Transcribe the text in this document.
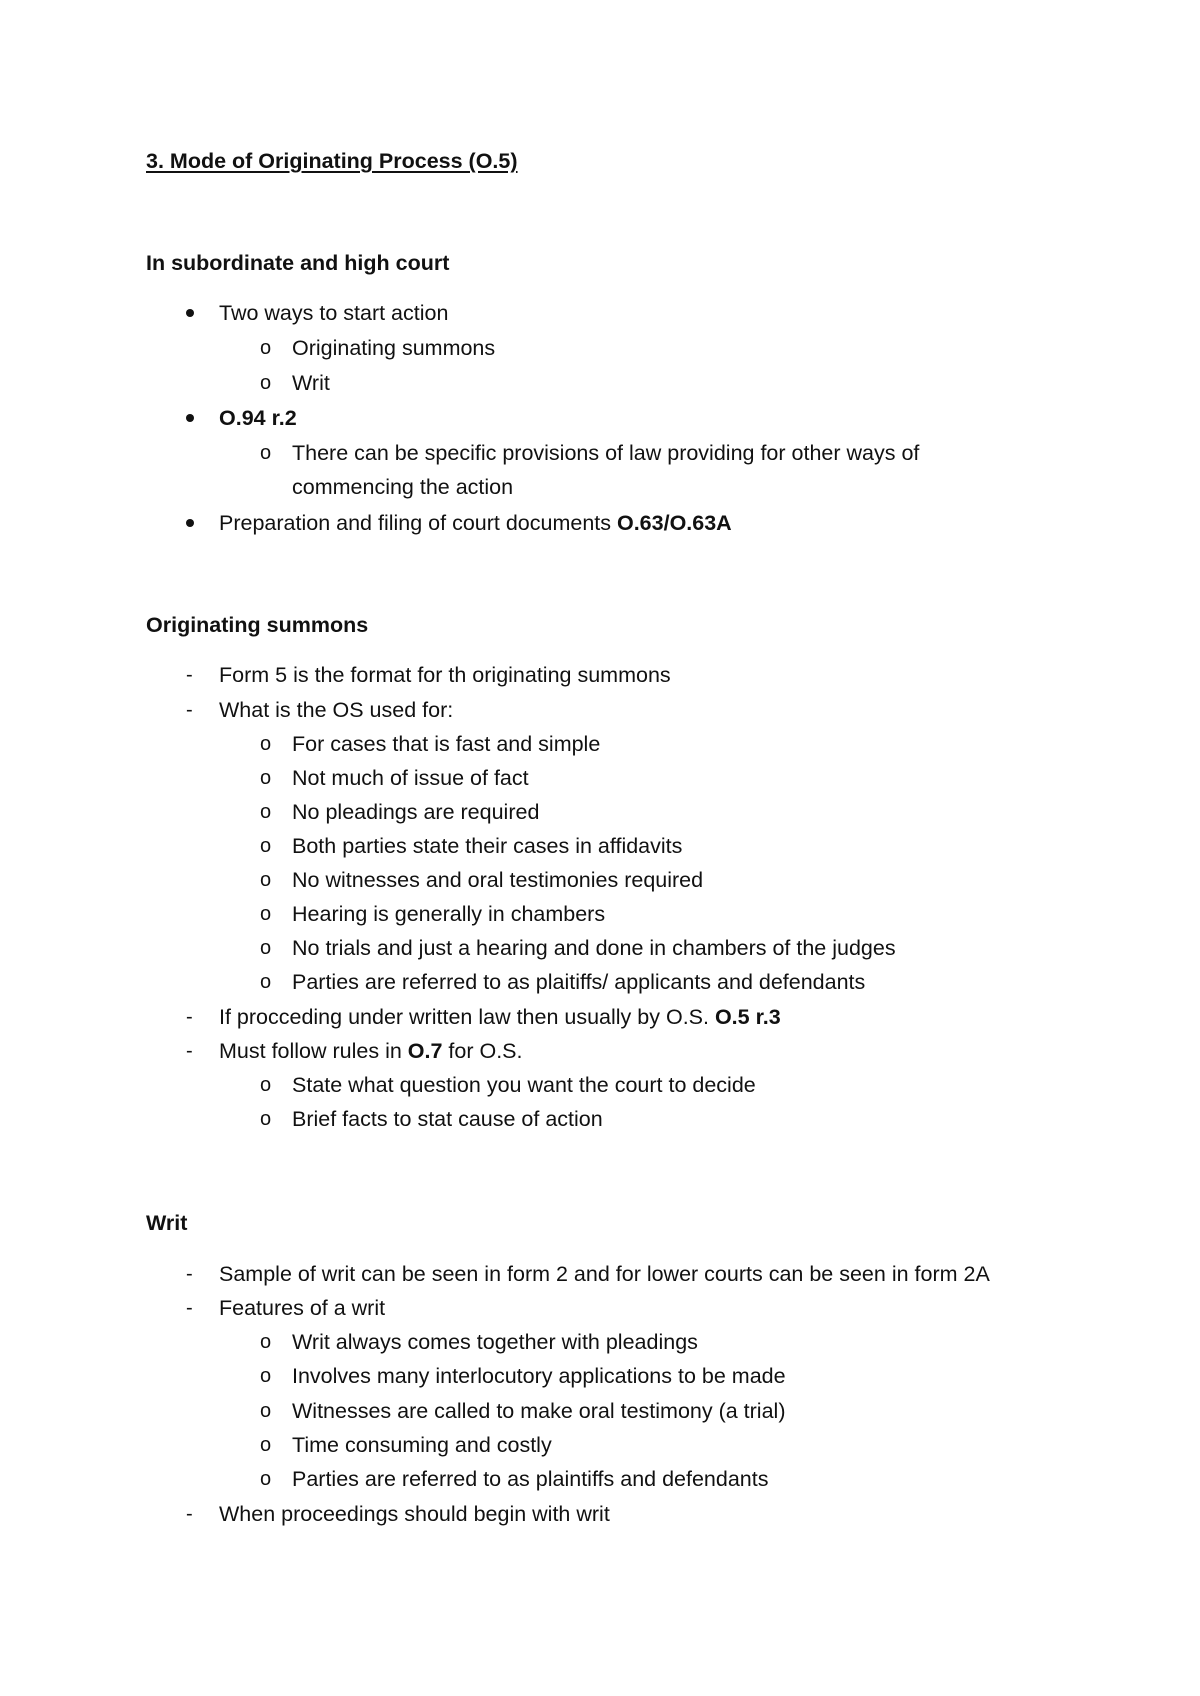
3. Mode of Originating Process (O.5)
In subordinate and high court
Two ways to start action
o Originating summons
o Writ
O.94 r.2
o There can be specific provisions of law providing for other ways of
commencing the action
Preparation and filing of court documents O.63/O.63A
Originating summons
- Form 5 is the format for th originating summons
- What is the OS used for:
o For cases that is fast and simple
o Not much of issue of fact
o No pleadings are required
o Both parties state their cases in affidavits
o No witnesses and oral testimonies required
o Hearing is generally in chambers
o No trials and just a hearing and done in chambers of the judges
o Parties are referred to as plaitiffs/ applicants and defendants
- If procceding under written law then usually by O.S. O.5 r.3
- Must follow rules in O.7 for O.S.
o State what question you want the court to decide
o Brief facts to stat cause of action
Writ
- Sample of writ can be seen in form 2 and for lower courts can be seen in form 2A
- Features of a writ
o Writ always comes together with pleadings
o Involves many interlocutory applications to be made
o Witnesses are called to make oral testimony (a trial)
o Time consuming and costly
o Parties are referred to as plaintiffs and defendants
- When proceedings should begin with writ
